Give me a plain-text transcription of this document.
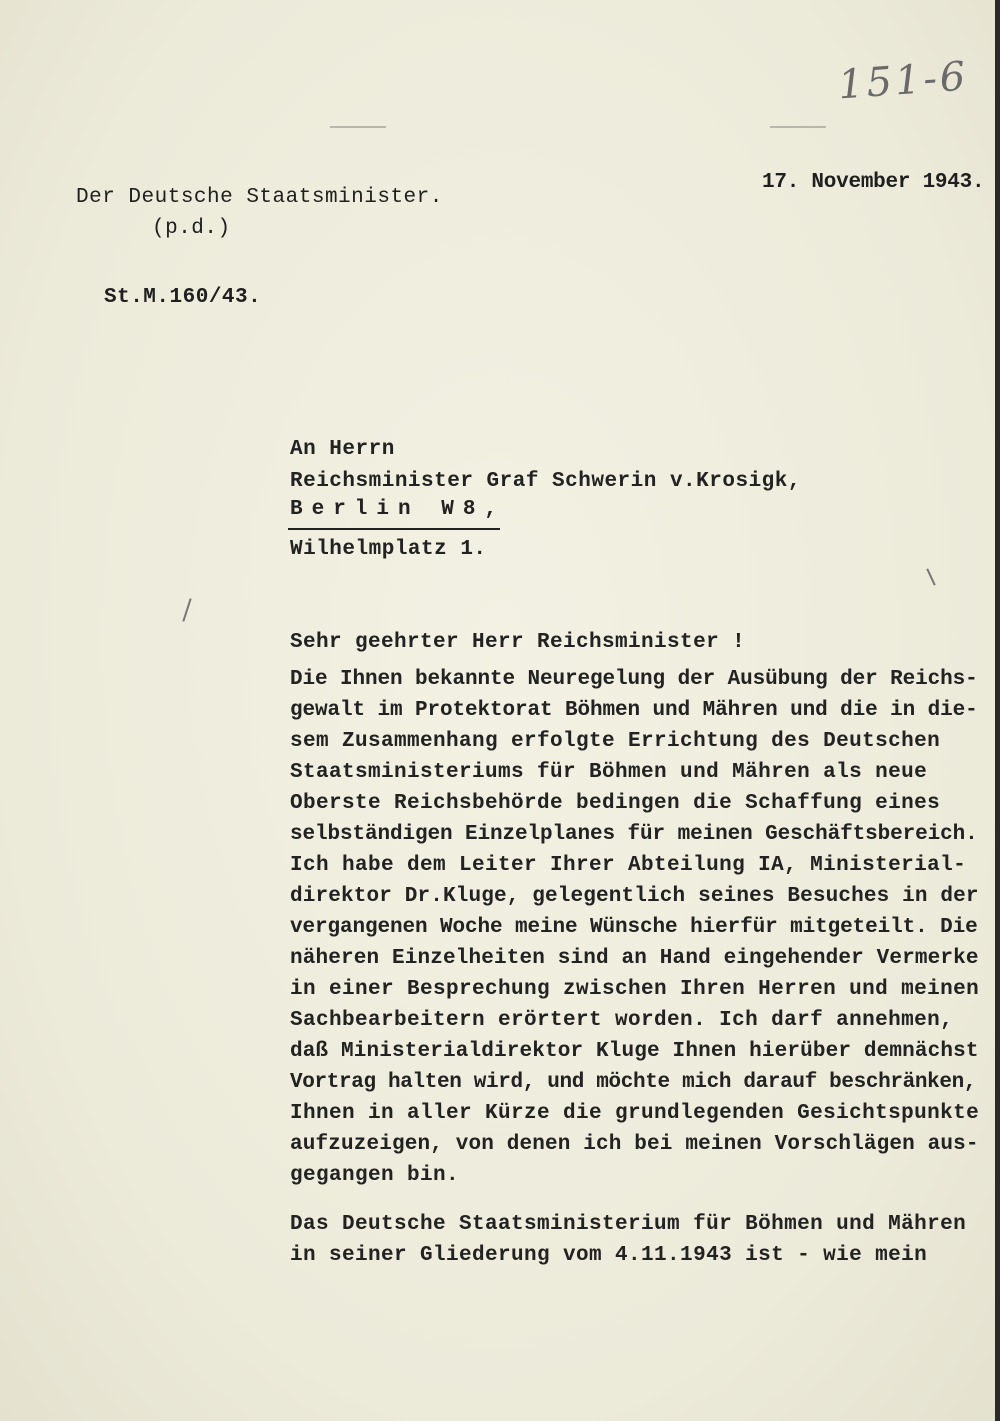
151-6
Der Deutsche Staatsminister.
(p.d.)
St.M.160/43.
17. November 1943.
An Herrn
Reichsminister Graf Schwerin v.Krosigk,
Berlin W8,
Wilhelmplatz 1.
Sehr geehrter Herr Reichsminister !
Die Ihnen bekannte Neuregelung der Ausübung der Reichs-
gewalt im Protektorat Böhmen und Mähren und die in die-
sem Zusammenhang erfolgte Errichtung des Deutschen
Staatsministeriums für Böhmen und Mähren als neue
Oberste Reichsbehörde bedingen die Schaffung eines
selbständigen Einzelplanes für meinen Geschäftsbereich.
Ich habe dem Leiter Ihrer Abteilung IA, Ministerial-
direktor Dr.Kluge, gelegentlich seines Besuches in der
vergangenen Woche meine Wünsche hierfür mitgeteilt. Die
näheren Einzelheiten sind an Hand eingehender Vermerke
in einer Besprechung zwischen Ihren Herren und meinen
Sachbearbeitern erörtert worden. Ich darf annehmen,
daß Ministerialdirektor Kluge Ihnen hierüber demnächst
Vortrag halten wird, und möchte mich darauf beschränken,
Ihnen in aller Kürze die grundlegenden Gesichtspunkte
aufzuzeigen, von denen ich bei meinen Vorschlägen aus-
gegangen bin.
Das Deutsche Staatsministerium für Böhmen und Mähren
in seiner Gliederung vom 4.11.1943 ist - wie mein
